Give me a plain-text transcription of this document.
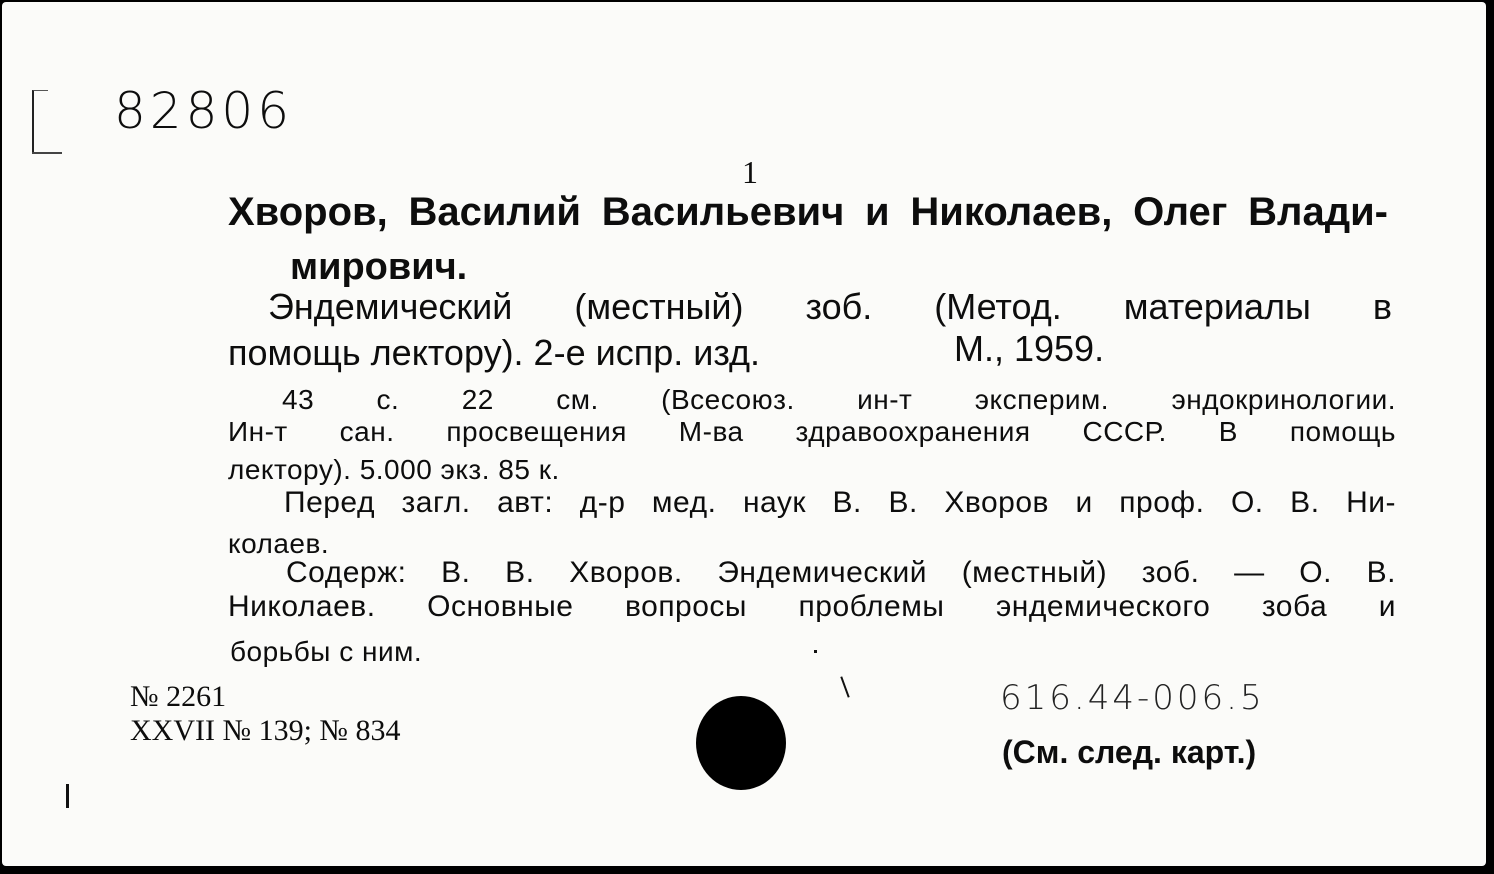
82806
1
Хворов, Василий Васильевич и Николаев, Олег Влади-
мирович.
Эндемический (местный) зоб. (Метод. материалы в
помощь лектору). 2-е испр. изд.	М., 1959.
43 с. 22 см. (Всесоюз. ин-т эксперим. эндокринологии.
Ин-т сан. просвещения М-ва здравоохранения СССР. В помощь
лектору). 5.000 экз. 85 к.
Перед загл. авт: д-р мед. наук В. В. Хворов и проф. О. В. Ни-
колаев.
Содерж: В. В. Хворов. Эндемический (местный) зоб. — О. В.
Николаев. Основные вопросы проблемы эндемического зоба и
борьбы с ним.
№ 2261
XXVII № 139; № 834
616.44-006.5
(См. след. карт.)
